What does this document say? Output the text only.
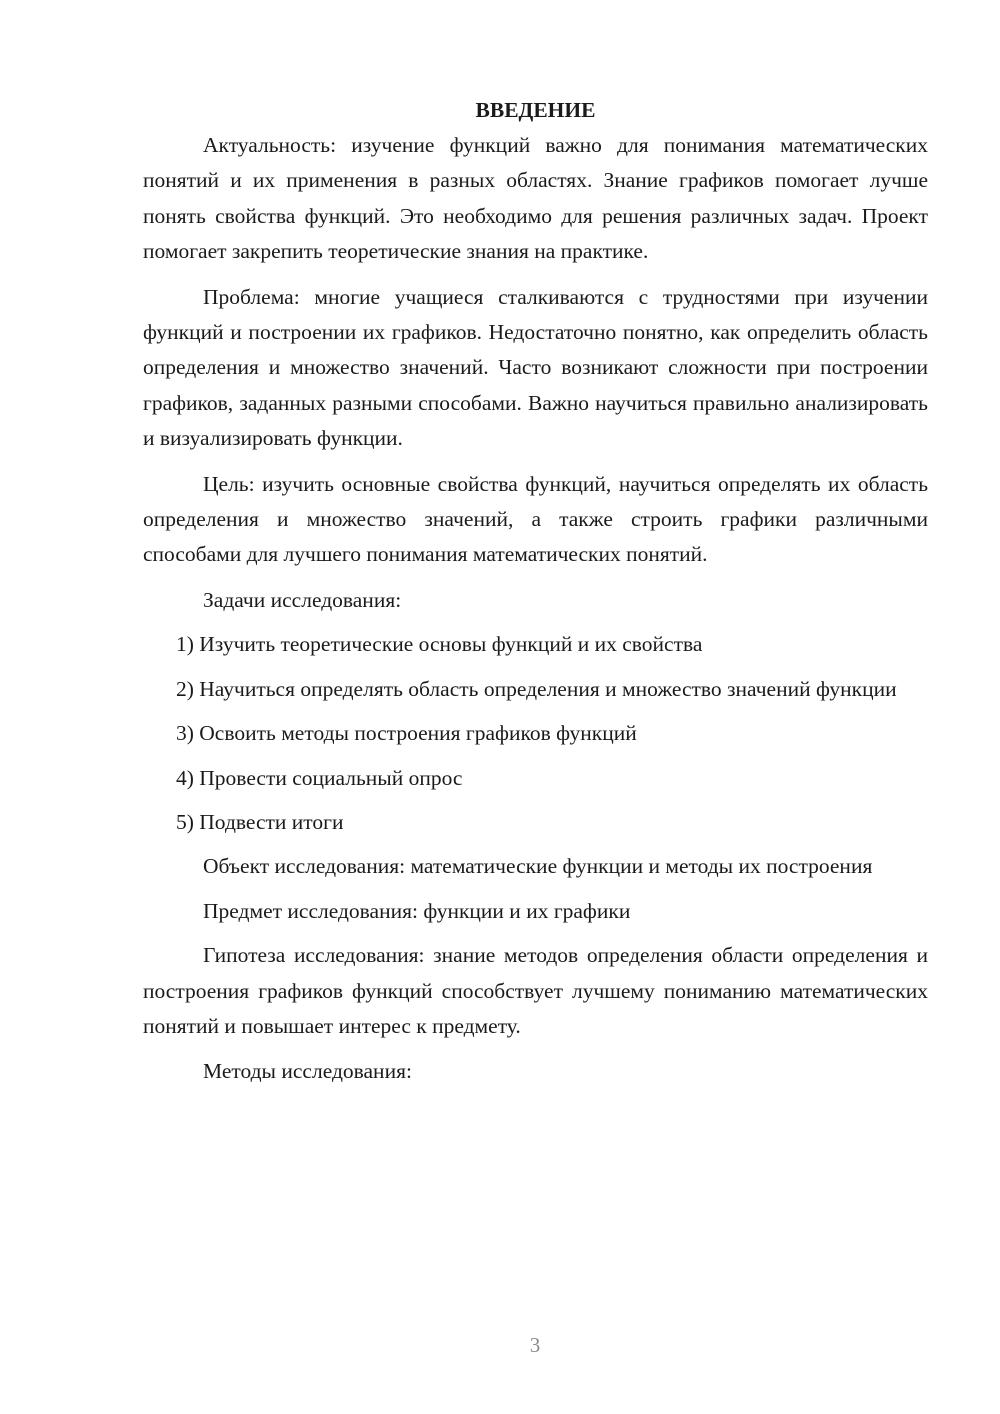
ВВЕДЕНИЕ

Актуальность: изучение функций важно для понимания математических понятий и их применения в разных областях. Знание графиков помогает лучше понять свойства функций. Это необходимо для решения различных задач. Проект помогает закрепить теоретические знания на практике.

Проблема: многие учащиеся сталкиваются с трудностями при изучении функций и построении их графиков. Недостаточно понятно, как определить область определения и множество значений. Часто возникают сложности при построении графиков, заданных разными способами. Важно научиться правильно анализировать и визуализировать функции.

Цель: изучить основные свойства функций, научиться определять их область определения и множество значений, а также строить графики различными способами для лучшего понимания математических понятий.

Задачи исследования:

1) Изучить теоретические основы функций и их свойства

2) Научиться определять область определения и множество значений функции

3) Освоить методы построения графиков функций

4) Провести социальный опрос

5) Подвести итоги

Объект исследования: математические функции и методы их построения

Предмет исследования: функции и их графики

Гипотеза исследования: знание методов определения области определения и построения графиков функций способствует лучшему пониманию математических понятий и повышает интерес к предмету.

Методы исследования:

3
